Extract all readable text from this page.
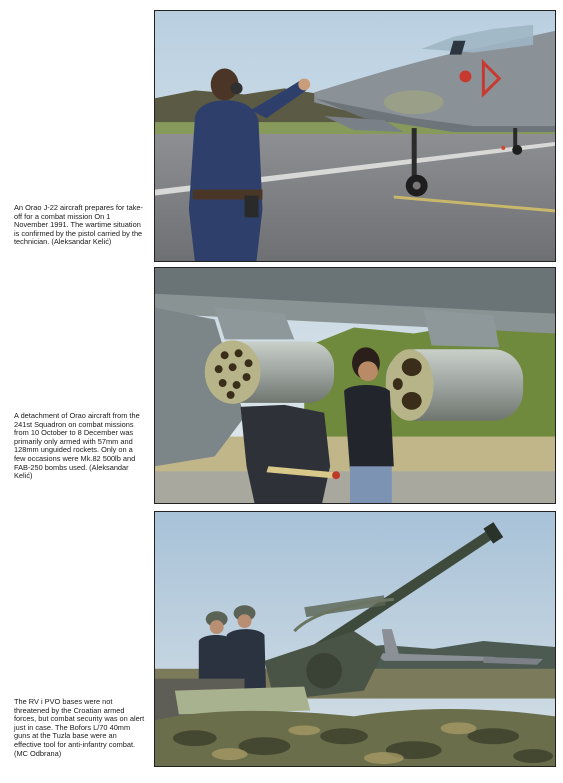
An Orao J-22 aircraft prepares for take-off for a combat mission On 1 November 1991. The wartime situation is confirmed by the pistol carried by the technician. (Aleksandar Kelić)
A detachment of Orao aircraft from the 241st Squadron on combat missions from 10 October to 8 December was primarily only armed with 57mm and 128mm unguided rockets. Only on a few occasions were Mk.82 500lb and FAB-250 bombs used. (Aleksandar Kelić)
The RV i PVO bases were not threatened by the Croatian armed forces, but combat security was on alert just in case. The Bofors L/70 40mm guns at the Tuzla base were an effective tool for anti-infantry combat. (MC Odbrana)
